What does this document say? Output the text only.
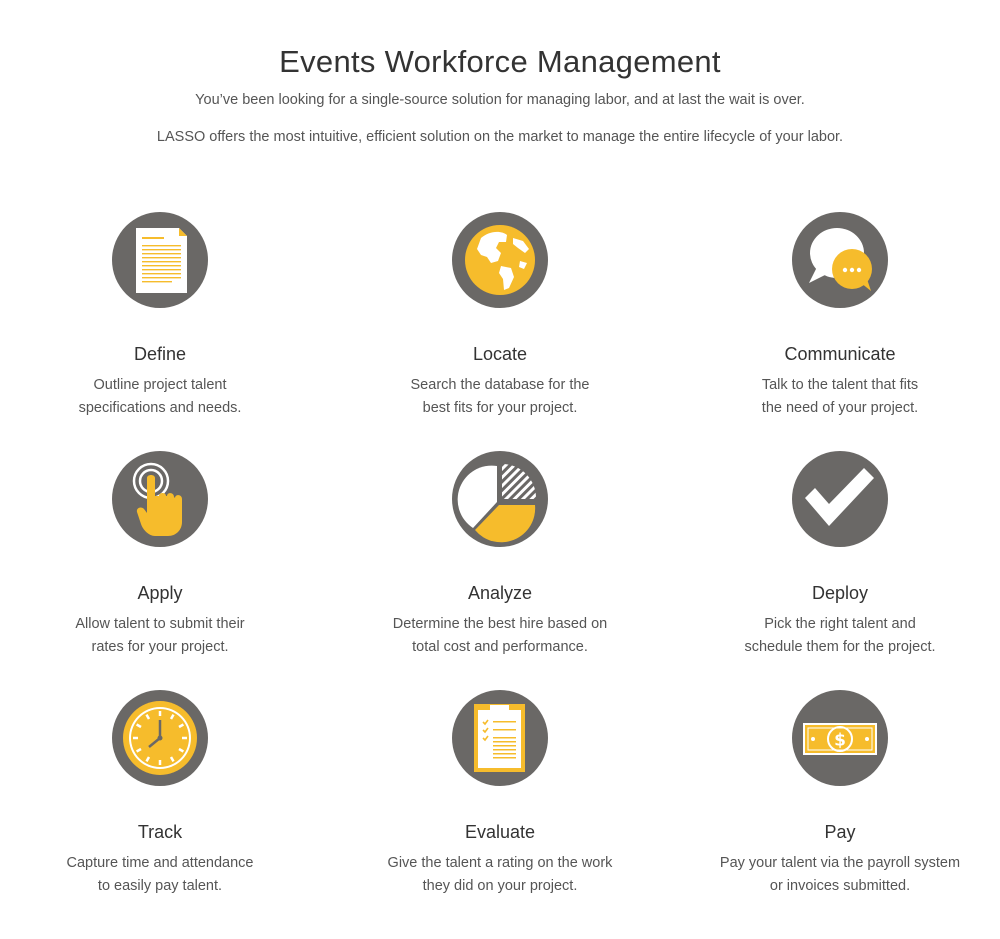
Events Workforce Management
You’ve been looking for a single-source solution for managing labor, and at last the wait is over.
LASSO offers the most intuitive, efficient solution on the market to manage the entire lifecycle of your labor.
Define
Outline project talent
specifications and needs.
Locate
Search the database for the
best fits for your project.
Communicate
Talk to the talent that fits
the need of your project.
Apply
Allow talent to submit their
rates for your project.
Analyze
Determine the best hire based on
total cost and performance.
Deploy
Pick the right talent and
schedule them for the project.
Track
Capture time and attendance
to easily pay talent.
Evaluate
Give the talent a rating on the work
they did on your project.
$
Pay
Pay your talent via the payroll system
or invoices submitted.
